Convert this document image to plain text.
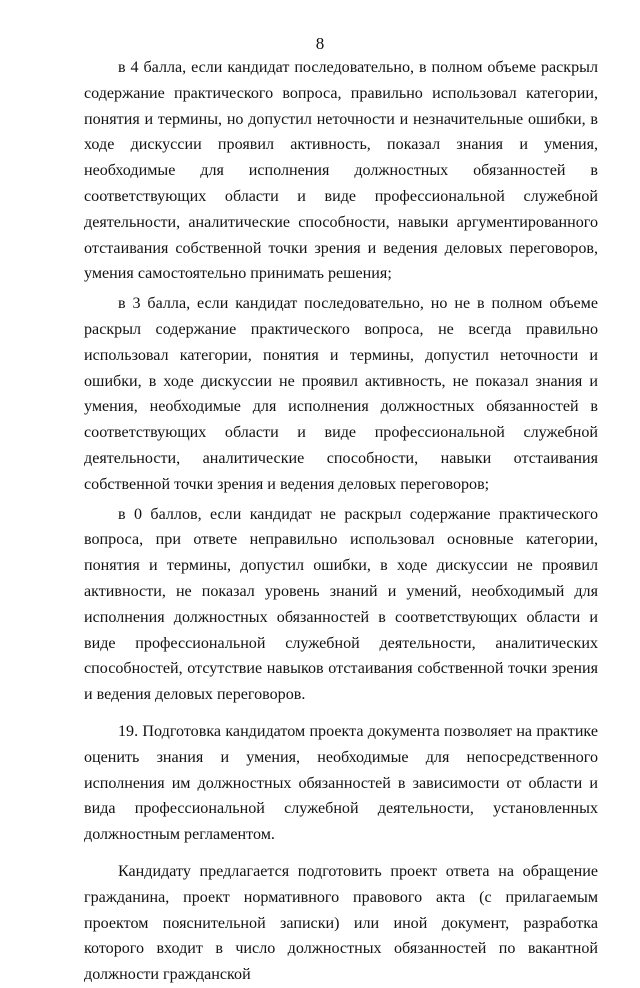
8

в 4 балла, если кандидат последовательно, в полном объеме раскрыл содержание практического вопроса, правильно использовал категории, понятия и термины, но допустил неточности и незначительные ошибки, в ходе дискуссии проявил активность, показал знания и умения, необходимые для исполнения должностных обязанностей в соответствующих области и виде профессиональной служебной деятельности, аналитические способности, навыки аргументированного отстаивания собственной точки зрения и ведения деловых переговоров, умения самостоятельно принимать решения;

в 3 балла, если кандидат последовательно, но не в полном объеме раскрыл содержание практического вопроса, не всегда правильно использовал категории, понятия и термины, допустил неточности и ошибки, в ходе дискуссии не проявил активность, не показал знания и умения, необходимые для исполнения должностных обязанностей в соответствующих области и виде профессиональной служебной деятельности, аналитические способности, навыки отстаивания собственной точки зрения и ведения деловых переговоров;

в 0 баллов, если кандидат не раскрыл содержание практического вопроса, при ответе неправильно использовал основные категории, понятия и термины, допустил ошибки, в ходе дискуссии не проявил активности, не показал уровень знаний и умений, необходимый для исполнения должностных обязанностей в соответствующих области и виде профессиональной служебной деятельности, аналитических способностей, отсутствие навыков отстаивания собственной точки зрения и ведения деловых переговоров.

19. Подготовка кандидатом проекта документа позволяет на практике оценить знания и умения, необходимые для непосредственного исполнения им должностных обязанностей в зависимости от области и вида профессиональной служебной деятельности, установленных должностным регламентом.

Кандидату предлагается подготовить проект ответа на обращение гражданина, проект нормативного правового акта (с прилагаемым проектом пояснительной записки) или иной документ, разработка которого входит в число должностных обязанностей по вакантной должности гражданской
